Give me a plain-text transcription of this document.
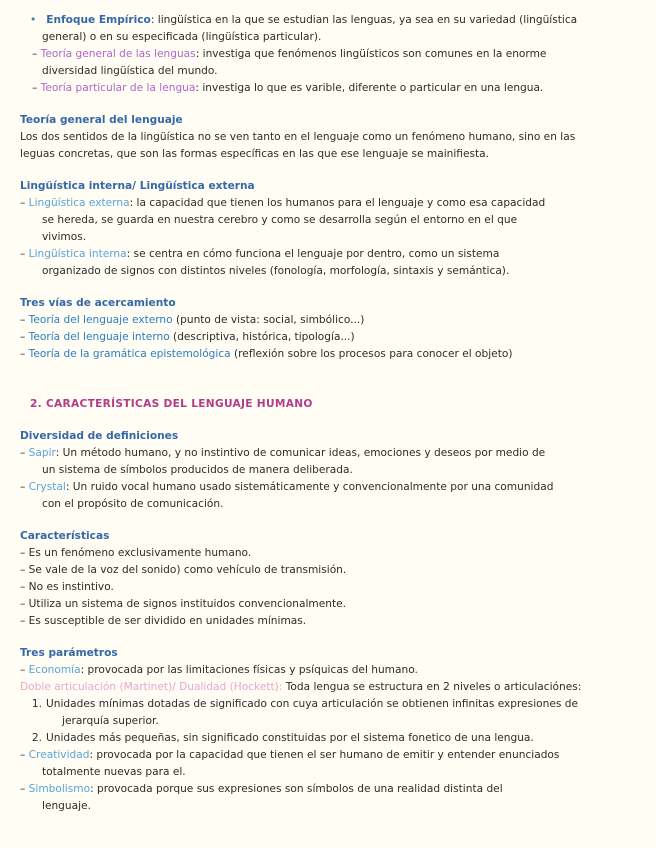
• Enfoque Empírico: lingüística en la que se estudian las lenguas, ya sea en su variedad (lingüística
general) o en su especificada (lingüística particular).
– Teoría general de las lenguas: investiga que fenómenos lingüísticos son comunes en la enorme
diversidad lingüística del mundo.
– Teoría particular de la lengua: investiga lo que es varible, diferente o particular en una lengua.
Teoría general del lenguaje
Los dos sentidos de la lingüística no se ven tanto en el lenguaje como un fenómeno humano, sino en las
leguas concretas, que son las formas específicas en las que ese lenguaje se mainifiesta.
Lingüística interna/ Lingüística externa
– Lingüística externa: la capacidad que tienen los humanos para el lenguaje y como esa capacidad
se hereda, se guarda en nuestra cerebro y como se desarrolla según el entorno en el que
vivimos.
– Lingüística interna: se centra en cómo funciona el lenguaje por dentro, como un sistema
organizado de signos con distintos niveles (fonología, morfología, sintaxis y semántica).
Tres vías de acercamiento
– Teoría del lenguaje externo (punto de vista: social, simbólico...)
– Teoría del lenguaje interno (descriptiva, histórica, tipología...)
– Teoría de la gramática epistemológica (reflexión sobre los procesos para conocer el objeto)
2. CARACTERÍSTICAS DEL LENGUAJE HUMANO
Diversidad de definiciones
– Sapir: Un método humano, y no instintivo de comunicar ideas, emociones y deseos por medio de
un sistema de símbolos producidos de manera deliberada.
– Crystal: Un ruido vocal humano usado sistemáticamente y convencionalmente por una comunidad
con el propósito de comunicación.
Características
– Es un fenómeno exclusivamente humano.
– Se vale de la voz del sonido) como vehículo de transmisión.
– No es instintivo.
– Utiliza un sistema de signos instituidos convencionalmente.
– Es susceptible de ser dividido en unidades mínimas.
Tres parámetros
– Economía: provocada por las limitaciones físicas y psíquicas del humano.
Doble articulación (Martinet)/ Dualidad (Hockett): Toda lengua se estructura en 2 niveles o articulaciónes:
1. Unidades mínimas dotadas de significado con cuya articulación se obtienen infinitas expresiones de
jerarquía superior.
2. Unidades más pequeñas, sin significado constituidas por el sistema fonetico de una lengua.
– Creatividad: provocada por la capacidad que tienen el ser humano de emitir y entender enunciados
totalmente nuevas para el.
– Simbolismo: provocada porque sus expresiones son símbolos de una realidad distinta del
lenguaje.
